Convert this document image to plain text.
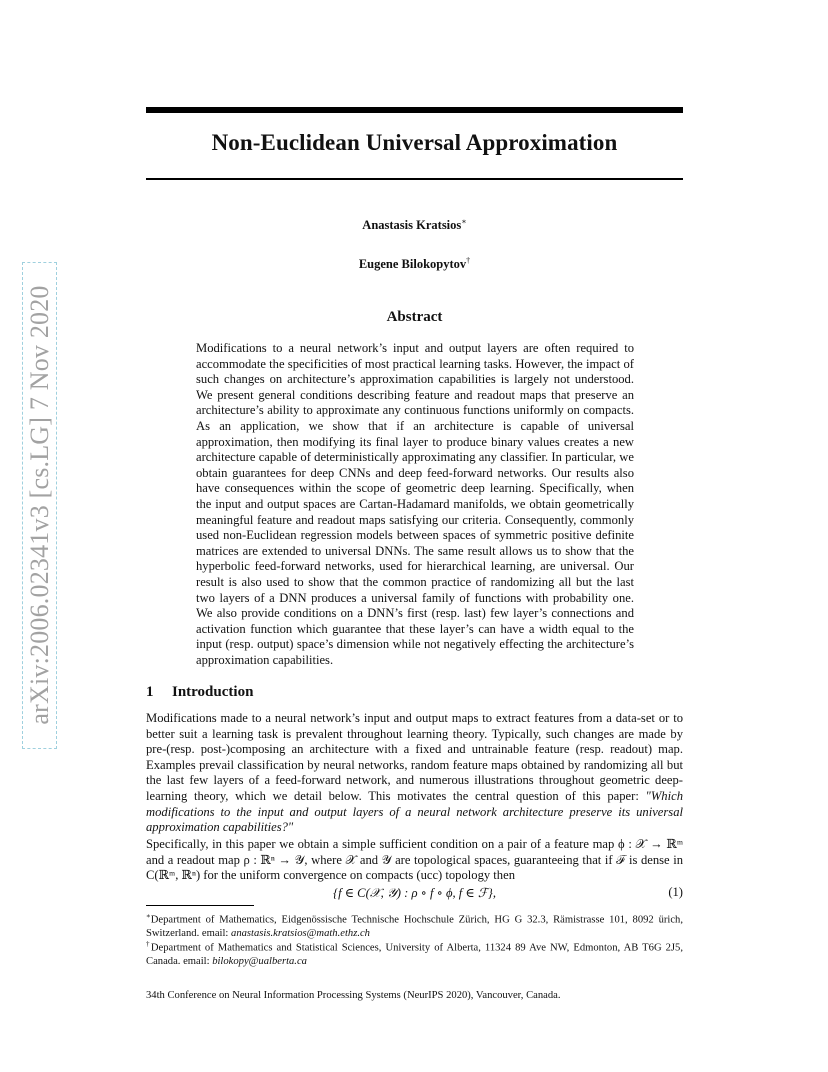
Non-Euclidean Universal Approximation
Anastasis Kratsios∗
Eugene Bilokopytov†
Abstract

Modifications to a neural network’s input and output layers are often required to accommodate the specificities of most practical learning tasks. However, the impact of such changes on architecture’s approximation capabilities is largely not understood. We present general conditions describing feature and readout maps that preserve an architecture’s ability to approximate any continuous functions uniformly on compacts. As an application, we show that if an architecture is capable of universal approximation, then modifying its final layer to produce binary values creates a new architecture capable of deterministically approximating any classifier. In particular, we obtain guarantees for deep CNNs and deep feed-forward networks. Our results also have consequences within the scope of geometric deep learning. Specifically, when the input and output spaces are Cartan-Hadamard manifolds, we obtain geometrically meaningful feature and readout maps satisfying our criteria. Consequently, commonly used non-Euclidean regression models between spaces of symmetric positive definite matrices are extended to universal DNNs. The same result allows us to show that the hyperbolic feed-forward networks, used for hierarchical learning, are universal. Our result is also used to show that the common practice of randomizing all but the last two layers of a DNN produces a universal family of functions with probability one. We also provide conditions on a DNN’s first (resp. last) few layer’s connections and activation function which guarantee that these layer’s can have a width equal to the input (resp. output) space’s dimension while not negatively effecting the architecture’s approximation capabilities.

1 Introduction

Modifications made to a neural network’s input and output maps to extract features from a data-set or to better suit a learning task is prevalent throughout learning theory. Typically, such changes are made by pre-(resp. post-)composing an architecture with a fixed and untrainable feature (resp. readout) map. Examples prevail classification by neural networks, random feature maps obtained by randomizing all but the last few layers of a feed-forward network, and numerous illustrations throughout geometric deep-learning theory, which we detail below. This motivates the central question of this paper: "Which modifications to the input and output layers of a neural network architecture preserve its universal approximation capabilities?"

Specifically, in this paper we obtain a simple sufficient condition on a pair of a feature map ϕ : 𝒳 → ℝᵐ and a readout map ρ : ℝⁿ → 𝒴, where 𝒳 and 𝒴 are topological spaces, guaranteeing that if ℱ is dense in C(ℝᵐ, ℝⁿ) for the uniform convergence on compacts (ucc) topology then

{f ∈ C(𝒳, 𝒴) : ρ ∘ f ∘ ϕ, f ∈ ℱ},	(1)

∗Department of Mathematics, Eidgenössische Technische Hochschule Zürich, HG G 32.3, Rämistrasse 101, 8092 ürich, Switzerland. email: anastasis.kratsios@math.ethz.ch

†Department of Mathematics and Statistical Sciences, University of Alberta, 11324 89 Ave NW, Edmonton, AB T6G 2J5, Canada. email: bilokopy@ualberta.ca

34th Conference on Neural Information Processing Systems (NeurIPS 2020), Vancouver, Canada.

arXiv:2006.02341v3 [cs.LG] 7 Nov 2020
